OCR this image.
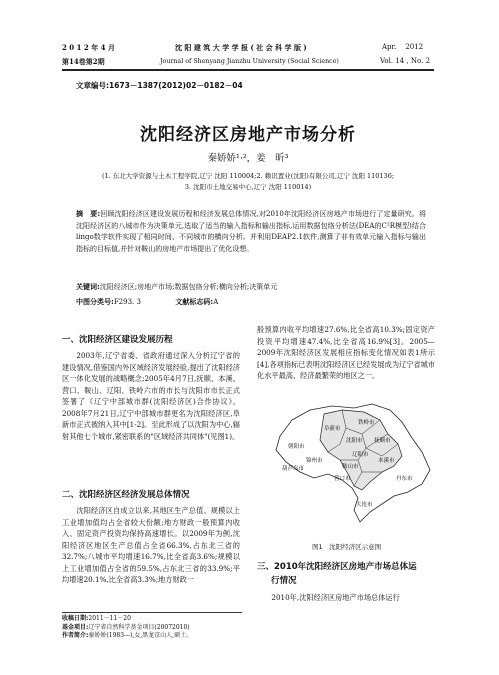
2 0 1 2 年 4 月
第14卷第2期
沈 阳 建 筑 大 学 学 报 ( 社 会 科 学 版 )
Journal of Shenyang Jianzhu University (Social Science)
Apr.    2012
Vol. 14 , No. 2
文章编号:1673－1387(2012)02－0182－04
沈阳经济区房地产市场分析
秦娇娇¹·²，姜　昕³
(1. 东北大学资源与土木工程学院,辽宁 沈阳 110004;2. 赖讯置业(沈阳)有限公司,辽宁 沈阳 110136;
3. 沈阳市土地交易中心,辽宁 沈阳 110014)
摘　要:回顾沈阳经济区建设发展历程和经济发展总体情况,对2010年沈阳经济区房地产市场进行了定量研究。将沈阳经济区的八城市作为决策单元,选取了适当的输入指标和输出指标,运用数据包络分析法(DEA的C²R模型)结合lingo数学软件实现了相同时间、不同城市的横向分析。并利用DEAP2.1软件,测算了非有效单元输入指标与输出指标的目标值,并针对鞍山的房地产市场提出了优化设想。
关键词:沈阳经济区;房地产市场;数据包络分析;横向分析;决策单元
中图分类号:F293. 3	文献标志码:A
一、沈阳经济区建设发展历程

2003年,辽宁省委、省政府通过深入分析辽宁省的建设情况,借鉴国内外区域经济发展经验,提出了沈阳经济区一体化发展的战略概念;2005年4月7日,抚顺、本溪、营口、鞍山、辽阳、铁岭六市的市长与沈阳市市长正式签署了《辽宁中部城市群(沈阳经济区)合作协议》。2008年7月21日,辽宁中部城市群更名为沈阳经济区,阜新市正式被纳入其中[1-2]。至此形成了以沈阳为中心,辐射其他七个城市,紧密联系的"区域经济共同体"(见图1)。

二、沈阳经济区经济发展总体情况

沈阳经济区自成立以来,其地区生产总值、规模以上工业增加值均占全省较大份额;地方财政一般预算内收入、固定资产投资均保持高速增长。以2009年为例,沈阳经济区地区生产总值占全省66.3%,占东北三省的32.7%;八城市平均增速16.7%,比全省高3.6%;规模以上工业增加值占全省的59.5%,占东北三省的33.9%;平均增速20.1%,比全省高3.3%;地方财政一

收稿日期:2011－11－20
基金项目:辽宁省自然科学基金项目(20072010)
作者简介:秦娇娇(1983—),女,黑龙京山人,硕士。

般预算内收平均增速27.6%,比全省高10.3%;固定资产投资平均增速47.4%,比全省高16.9%[3]。2005—2009年沈阳经济区发展相应指标变化情况如表1所示[4],各项指标已表明沈阳经济区已经发展成为辽宁省城市化水平最高、经济最繁荣的地区之一。

铁岭市
阜新市
沈阳市 抚顺市
辽阳市
鞍山市
本溪市
营口市	丹东市
大连市
朝阳市
锦州市
葫芦岛市
图1　沈阳经济区示意图
三、2010年沈阳经济区房地产市场总体运
行情况

2010年,沈阳经济区房地产市场总体运行
